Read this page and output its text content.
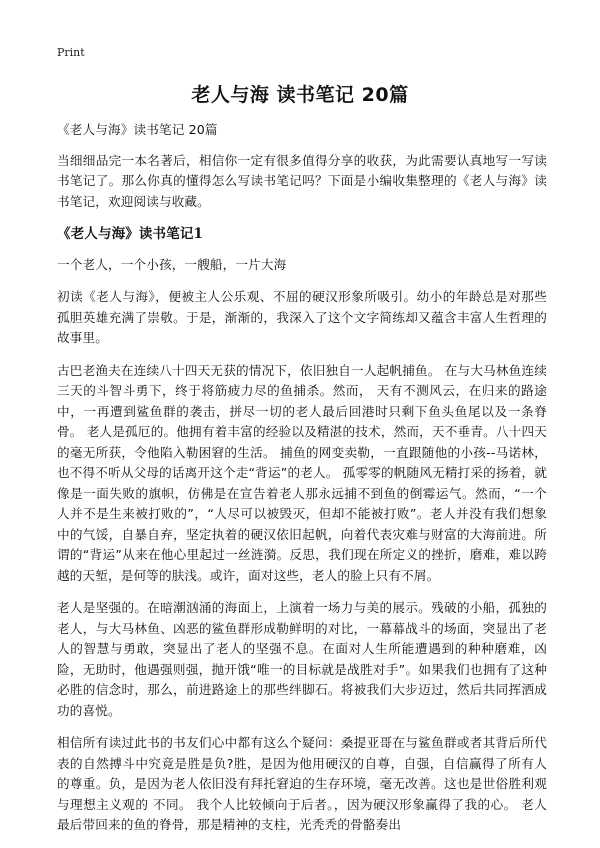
Print
老人与海 读书笔记 20篇

《老人与海》读书笔记 20篇

当细细品完一本名著后，相信你一定有很多值得分享的收获，为此需要认真地写一写读书笔记了。那么你真的懂得怎么写读书笔记吗？下面是小编收集整理的《老人与海》读书笔记，欢迎阅读与收藏。

《老人与海》读书笔记1

一个老人，一个小孩，一艘船，一片大海

初读《老人与海》，便被主人公乐观、不屈的硬汉形象所吸引。幼小的年龄总是对那些孤胆英雄充满了崇敬。于是，渐渐的，我深入了这个文字简练却又蕴含丰富人生哲理的故事里。

古巴老渔夫在连续八十四天无获的情况下，依旧独自一人起帆捕鱼。 在与大马林鱼连续三天的斗智斗勇下，终于将筋疲力尽的鱼捕杀。然而， 天有不测风云，在归来的路途中，一再遭到鲨鱼群的袭击，拼尽一切的老人最后回港时只剩下鱼头鱼尾以及一条脊骨。 老人是孤厄的。他拥有着丰富的经验以及精湛的技术，然而，天不垂青。八十四天的毫无所获，令他陷入勒困窘的生活。 捕鱼的网变卖勒，一直跟随他的小孩--马诺林，也不得不听从父母的话离开这个走“背运”的老人。 孤零零的帆随风无精打采的扬着，就像是一面失败的旗帜，仿佛是在宣告着老人那永远捕不到鱼的倒霉运气。然而，“一个人并不是生来被打败的”，“人尽可以被毁灭，但却不能被打败”。老人并没有我们想象中的气馁，自暴自弃，坚定执着的硬汉依旧起帆，向着代表灾难与财富的大海前进。所谓的“背运”从来在他心里起过一丝涟漪。反思，我们现在所定义的挫折，磨难，难以跨越的天堑，是何等的肤浅。或许，面对这些，老人的脸上只有不屑。

老人是坚强的。在暗潮汹涌的海面上，上演着一场力与美的展示。残破的小船，孤独的老人，与大马林鱼、凶恶的鲨鱼群形成勒鲜明的对比，一幕幕战斗的场面，突显出了老人的智慧与勇敢，突显出了老人的坚强不息。在面对人生所能遭遇到的种种磨难，凶险，无助时，他遇强则强，抛开饿“唯一的目标就是战胜对手”。如果我们也拥有了这种必胜的信念时，那么，前进路途上的那些绊脚石。将被我们大步迈过，然后共同挥洒成功的喜悦。

相信所有读过此书的书友们心中都有这么个疑问：桑提亚哥在与鲨鱼群或者其背后所代表的自然搏斗中究竟是胜是负?胜，是因为他用硬汉的自尊，自强，自信赢得了所有人的尊重。负，是因为老人依旧没有拜托窘迫的生存环境，毫无改善。这也是世俗胜利观与理想主义观的 不同。 我个人比较倾向于后者。，因为硬汉形象赢得了我的心。 老人最后带回来的鱼的脊骨，那是精神的支柱，光秃秃的骨骼奏出
